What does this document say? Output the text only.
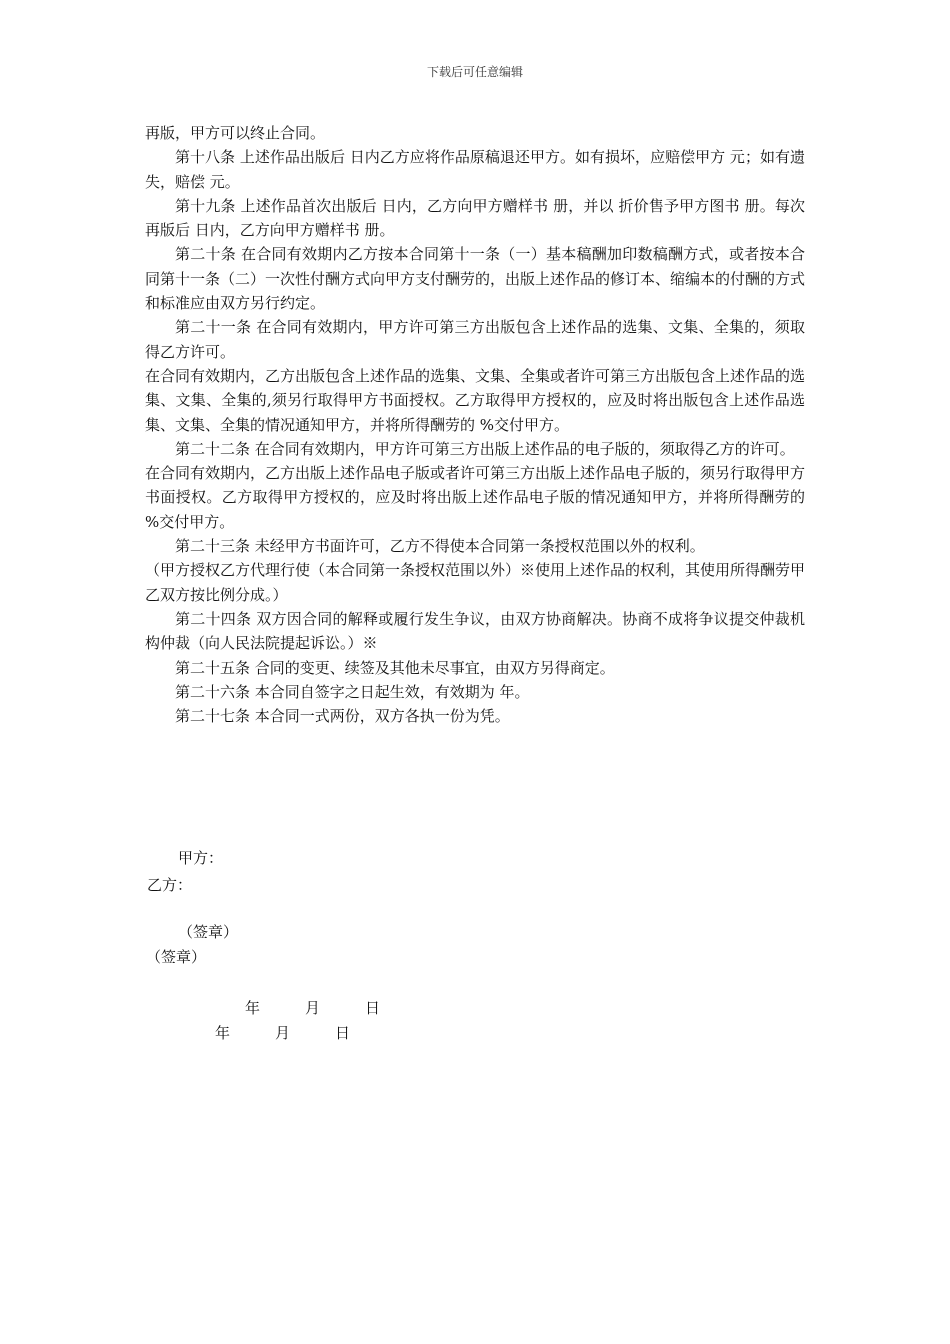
下载后可任意编辑

再版，甲方可以终止合同。

第十八条 上述作品出版后 日内乙方应将作品原稿退还甲方。如有损坏，应赔偿甲方 元；如有遗失，赔偿 元。

第十九条 上述作品首次出版后 日内，乙方向甲方赠样书 册，并以 折价售予甲方图书 册。每次再版后 日内，乙方向甲方赠样书 册。

第二十条 在合同有效期内乙方按本合同第十一条（一）基本稿酬加印数稿酬方式，或者按本合同第十一条（二）一次性付酬方式向甲方支付酬劳的，出版上述作品的修订本、缩编本的付酬的方式和标准应由双方另行约定。

第二十一条 在合同有效期内，甲方许可第三方出版包含上述作品的选集、文集、全集的，须取得乙方许可。

在合同有效期内，乙方出版包含上述作品的选集、文集、全集或者许可第三方出版包含上述作品的选集、文集、全集的,须另行取得甲方书面授权。乙方取得甲方授权的，应及时将出版包含上述作品选集、文集、全集的情况通知甲方，并将所得酬劳的 %交付甲方。

第二十二条 在合同有效期内，甲方许可第三方出版上述作品的电子版的，须取得乙方的许可。

在合同有效期内，乙方出版上述作品电子版或者许可第三方出版上述作品电子版的，须另行取得甲方书面授权。乙方取得甲方授权的，应及时将出版上述作品电子版的情况通知甲方，并将所得酬劳的 %交付甲方。

第二十三条 未经甲方书面许可，乙方不得使本合同第一条授权范围以外的权利。

（甲方授权乙方代理行使（本合同第一条授权范围以外）※使用上述作品的权利，其使用所得酬劳甲乙双方按比例分成。）

第二十四条 双方因合同的解释或履行发生争议，由双方协商解决。协商不成将争议提交仲裁机构仲裁（向人民法院提起诉讼。）※

第二十五条 合同的变更、续签及其他未尽事宜，由双方另得商定。

第二十六条 本合同自签字之日起生效，有效期为 年。

第二十七条 本合同一式两份，双方各执一份为凭。

甲方：
乙方：
（签章）
（签章）
年　　　月　　　日
年　　　月　　　日
